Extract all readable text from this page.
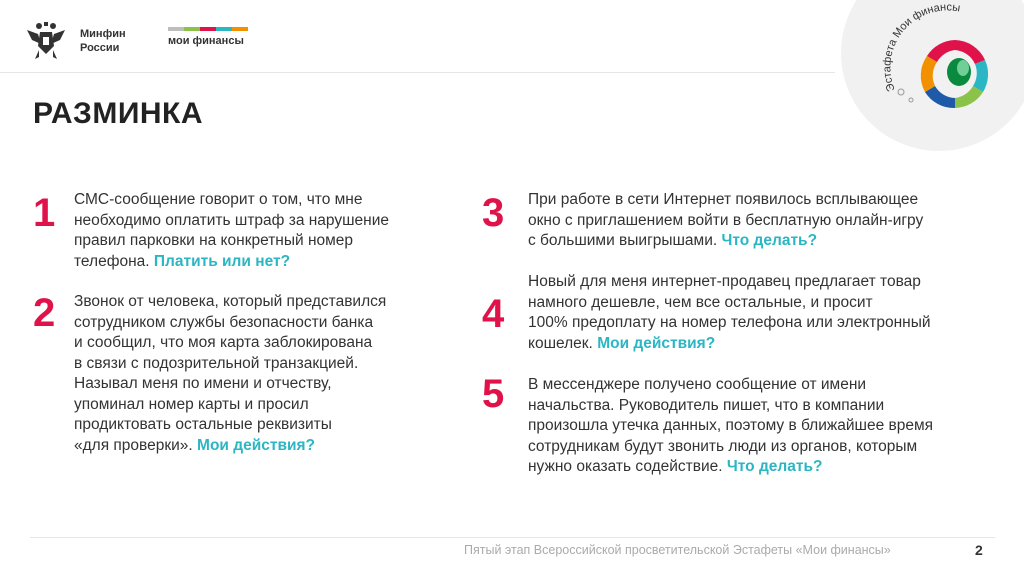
Минфин
России
мои финансы
Эстафета Мои финансы
РАЗМИНКА
1 СМС-сообщение говорит о том, что мне
необходимо оплатить штраф за нарушение
правил парковки на конкретный номер
телефона. Платить или нет?
2 Звонок от человека, который представился
сотрудником службы безопасности банка
и сообщил, что моя карта заблокирована
в связи с подозрительной транзакцией.
Называл меня по имени и отчеству,
упоминал номер карты и просил
продиктовать остальные реквизиты
«для проверки». Мои действия?
3 При работе в сети Интернет появилось всплывающее
окно с приглашением войти в бесплатную онлайн-игру
с большими выигрышами. Что делать?
4
Новый для меня интернет-продавец предлагает товар
намного дешевле, чем все остальные, и просит
100% предоплату на номер телефона или электронный
кошелек. Мои действия?
5 В мессенджере получено сообщение от имени
начальства. Руководитель пишет, что в компании
произошла утечка данных, поэтому в ближайшее время
сотрудникам будут звонить люди из органов, которым
нужно оказать содействие. Что делать?
Пятый этап Всероссийской просветительской Эстафеты «Мои финансы»	2
